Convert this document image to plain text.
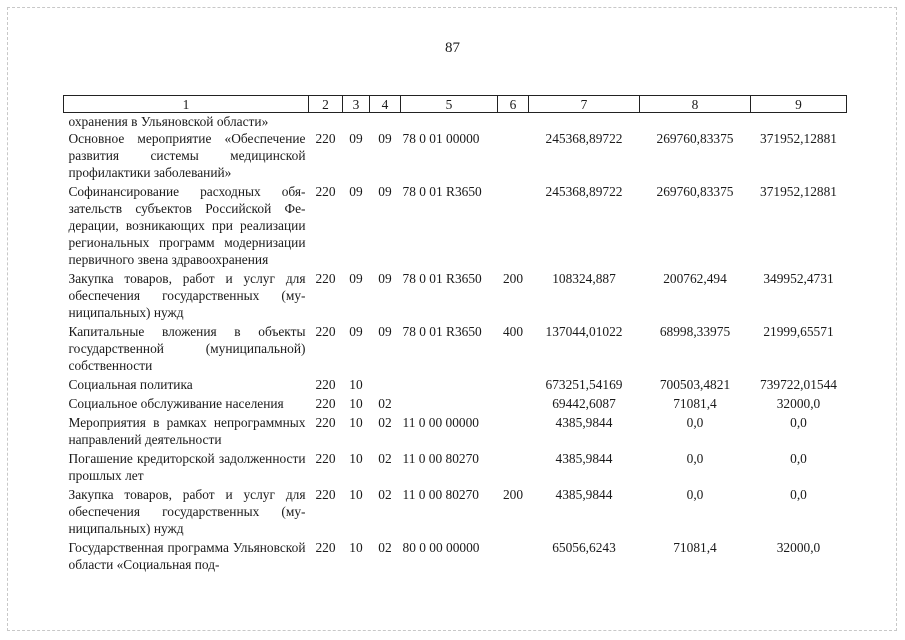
87
1	2	3	4	5	6	7	8	9
охранения в Ульяновской области»								
Основное мероприятие «Обеспечение развития системы медицинской профилактики заболеваний»	220	09	09	78 0 01 00000		245368,89722	269760,83375	371952,12881
Софинансирование расходных обязательств субъектов Российской Федерации, возникающих при реализации региональных программ модернизации первичного звена здравоохранения	220	09	09	78 0 01 R3650		245368,89722	269760,83375	371952,12881
Закупка товаров, работ и услуг для обеспечения государственных (муниципальных) нужд	220	09	09	78 0 01 R3650	200	108324,887	200762,494	349952,4731
Капитальные вложения в объекты государственной (муниципальной) собственности	220	09	09	78 0 01 R3650	400	137044,01022	68998,33975	21999,65571
Социальная политика	220	10				673251,54169	700503,4821	739722,01544
Социальное обслуживание населения	220	10	02			69442,6087	71081,4	32000,0
Мероприятия в рамках непрограммных направлений деятельности	220	10	02	11 0 00 00000		4385,9844	0,0	0,0
Погашение кредиторской задолженности прошлых лет	220	10	02	11 0 00 80270		4385,9844	0,0	0,0
Закупка товаров, работ и услуг для обеспечения государственных (муниципальных) нужд	220	10	02	11 0 00 80270	200	4385,9844	0,0	0,0
Государственная программа Ульяновской области «Социальная под-	220	10	02	80 0 00 00000		65056,6243	71081,4	32000,0
